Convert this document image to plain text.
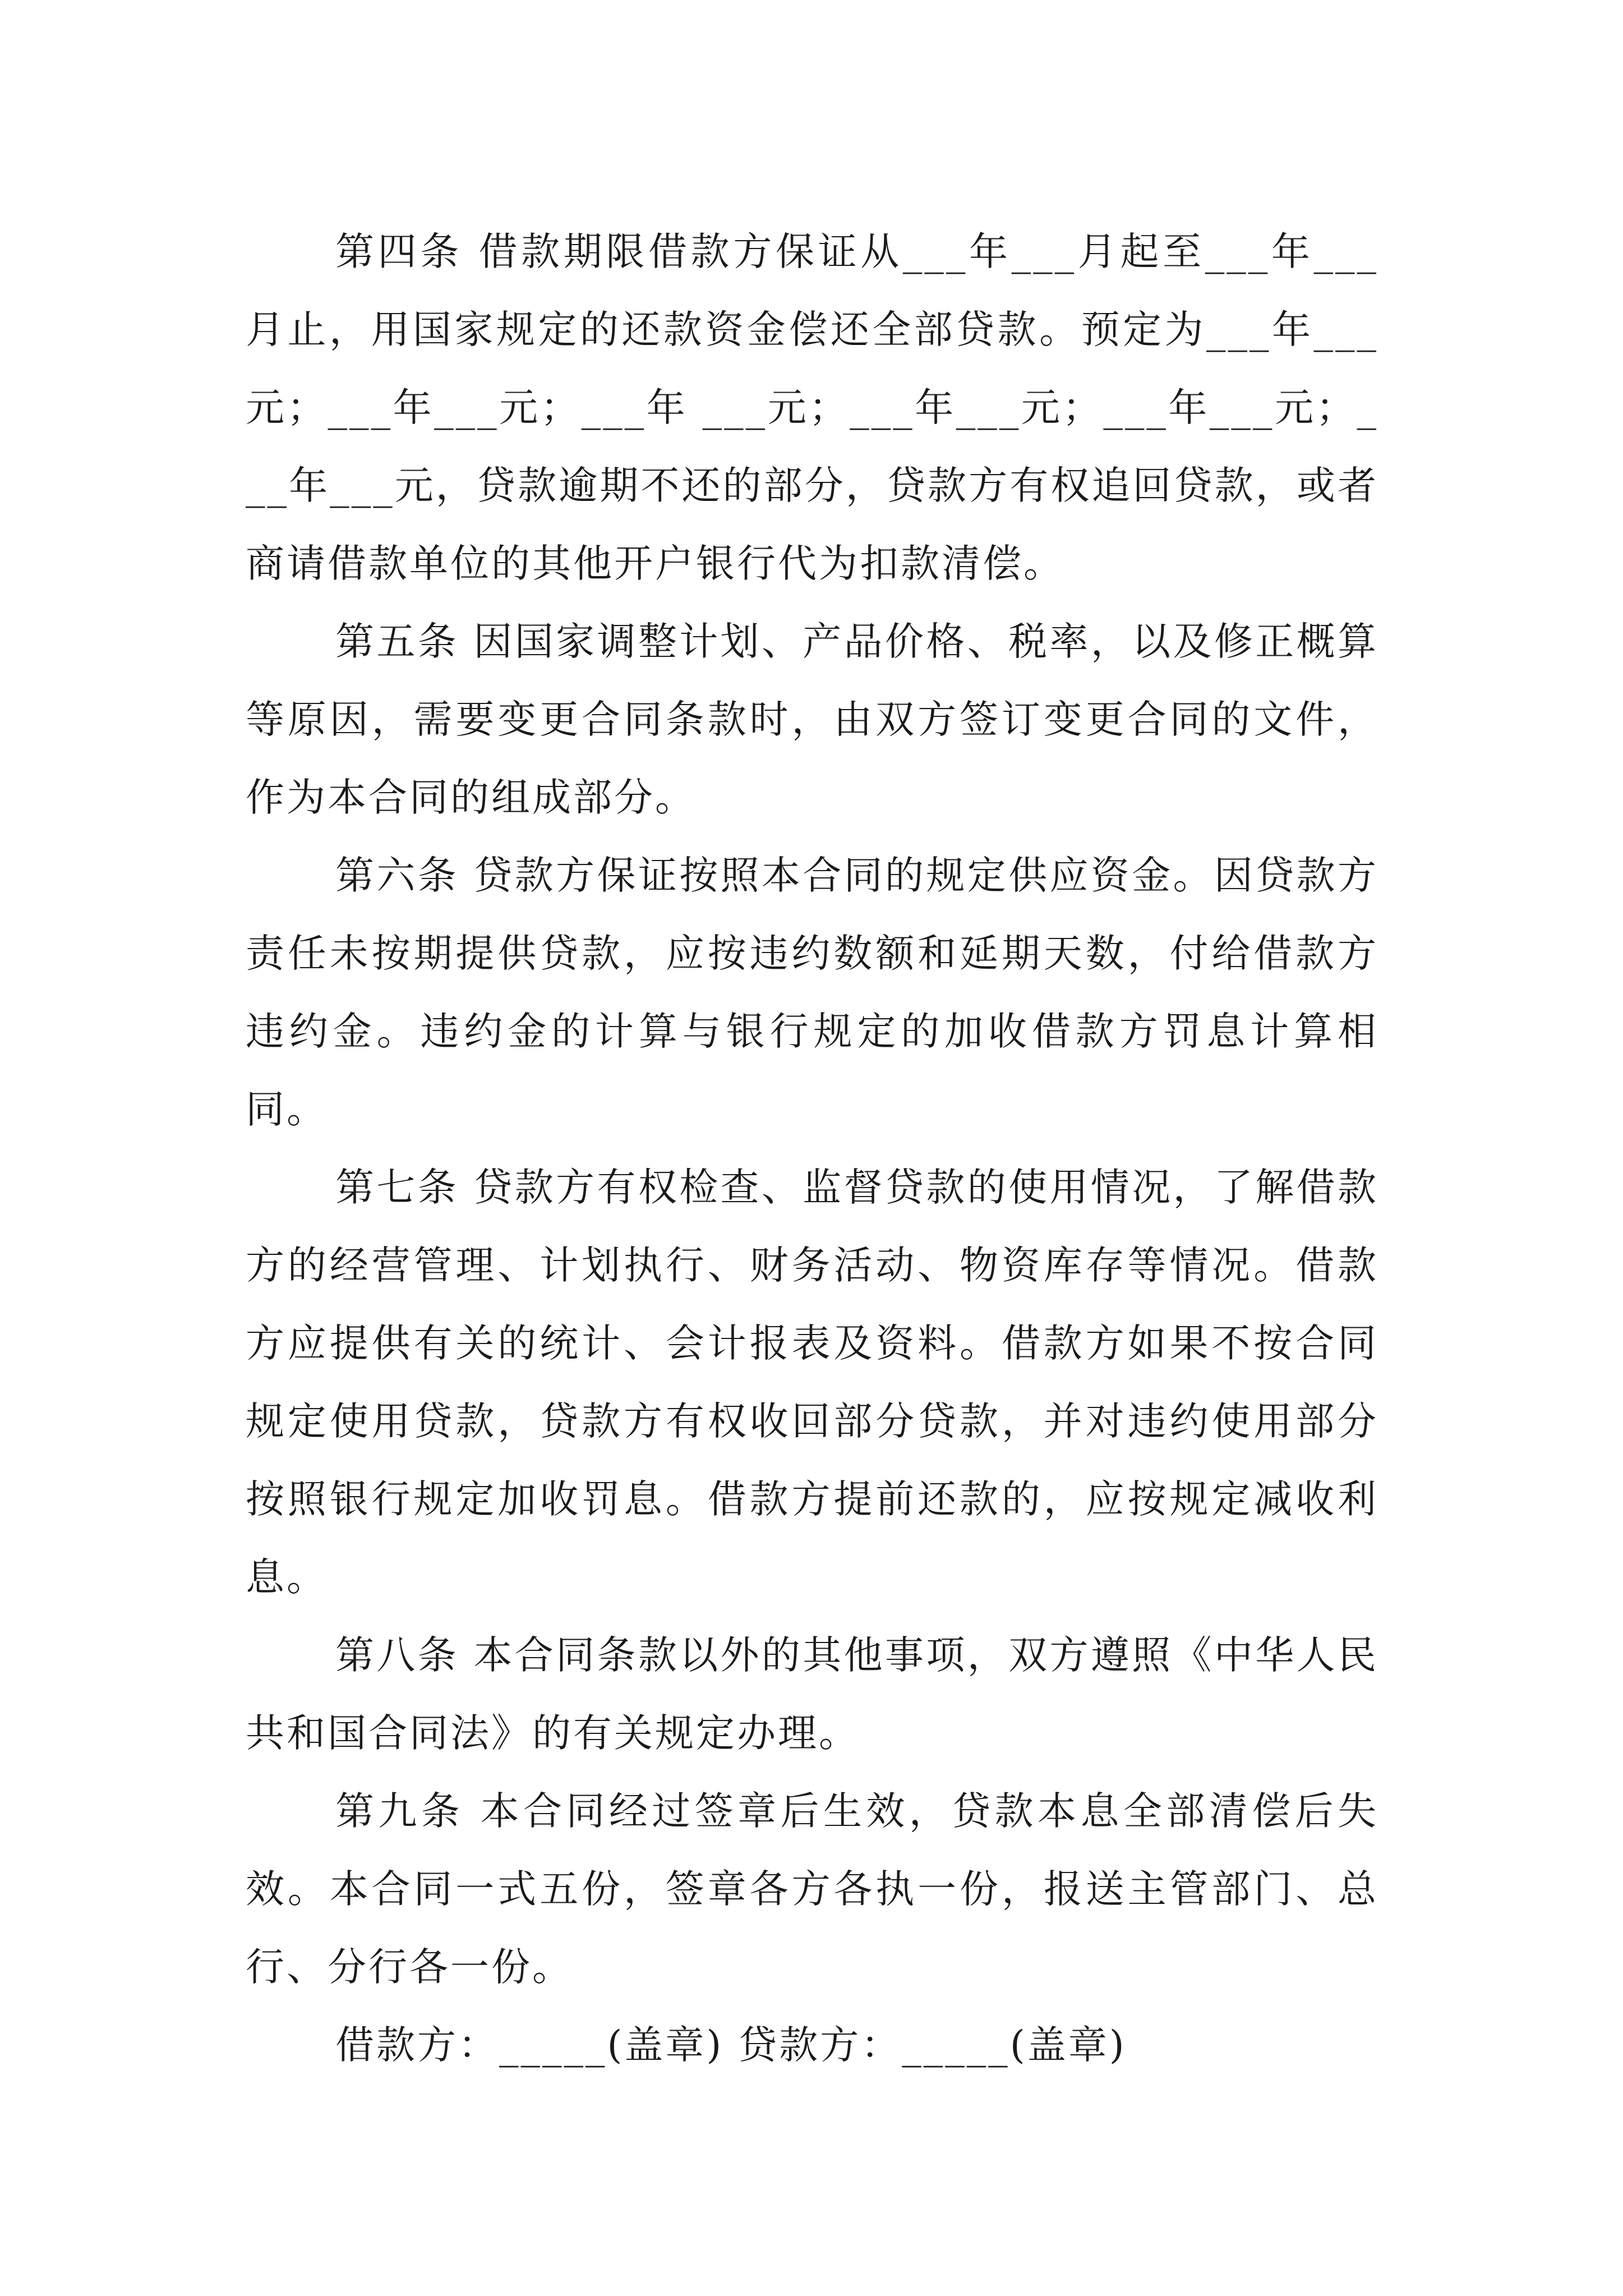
第四条 借款期限借款方保证从___年___月起至___年___月止，用国家规定的还款资金偿还全部贷款。预定为___年___元；___年___元；___年 ___元；___年___元；___年___元；___年___元，贷款逾期不还的部分，贷款方有权追回贷款，或者商请借款单位的其他开户银行代为扣款清偿。

第五条 因国家调整计划、产品价格、税率，以及修正概算等原因，需要变更合同条款时，由双方签订变更合同的文件，作为本合同的组成部分。

第六条 贷款方保证按照本合同的规定供应资金。因贷款方责任未按期提供贷款，应按违约数额和延期天数，付给借款方违约金。违约金的计算与银行规定的加收借款方罚息计算相同。

第七条 贷款方有权检查、监督贷款的使用情况，了解借款方的经营管理、计划执行、财务活动、物资库存等情况。借款方应提供有关的统计、会计报表及资料。借款方如果不按合同规定使用贷款，贷款方有权收回部分贷款，并对违约使用部分按照银行规定加收罚息。借款方提前还款的，应按规定减收利息。

第八条 本合同条款以外的其他事项，双方遵照《中华人民共和国合同法》的有关规定办理。

第九条 本合同经过签章后生效，贷款本息全部清偿后失效。本合同一式五份，签章各方各执一份，报送主管部门、总行、分行各一份。

借款方：_____(盖章) 贷款方：_____(盖章)
